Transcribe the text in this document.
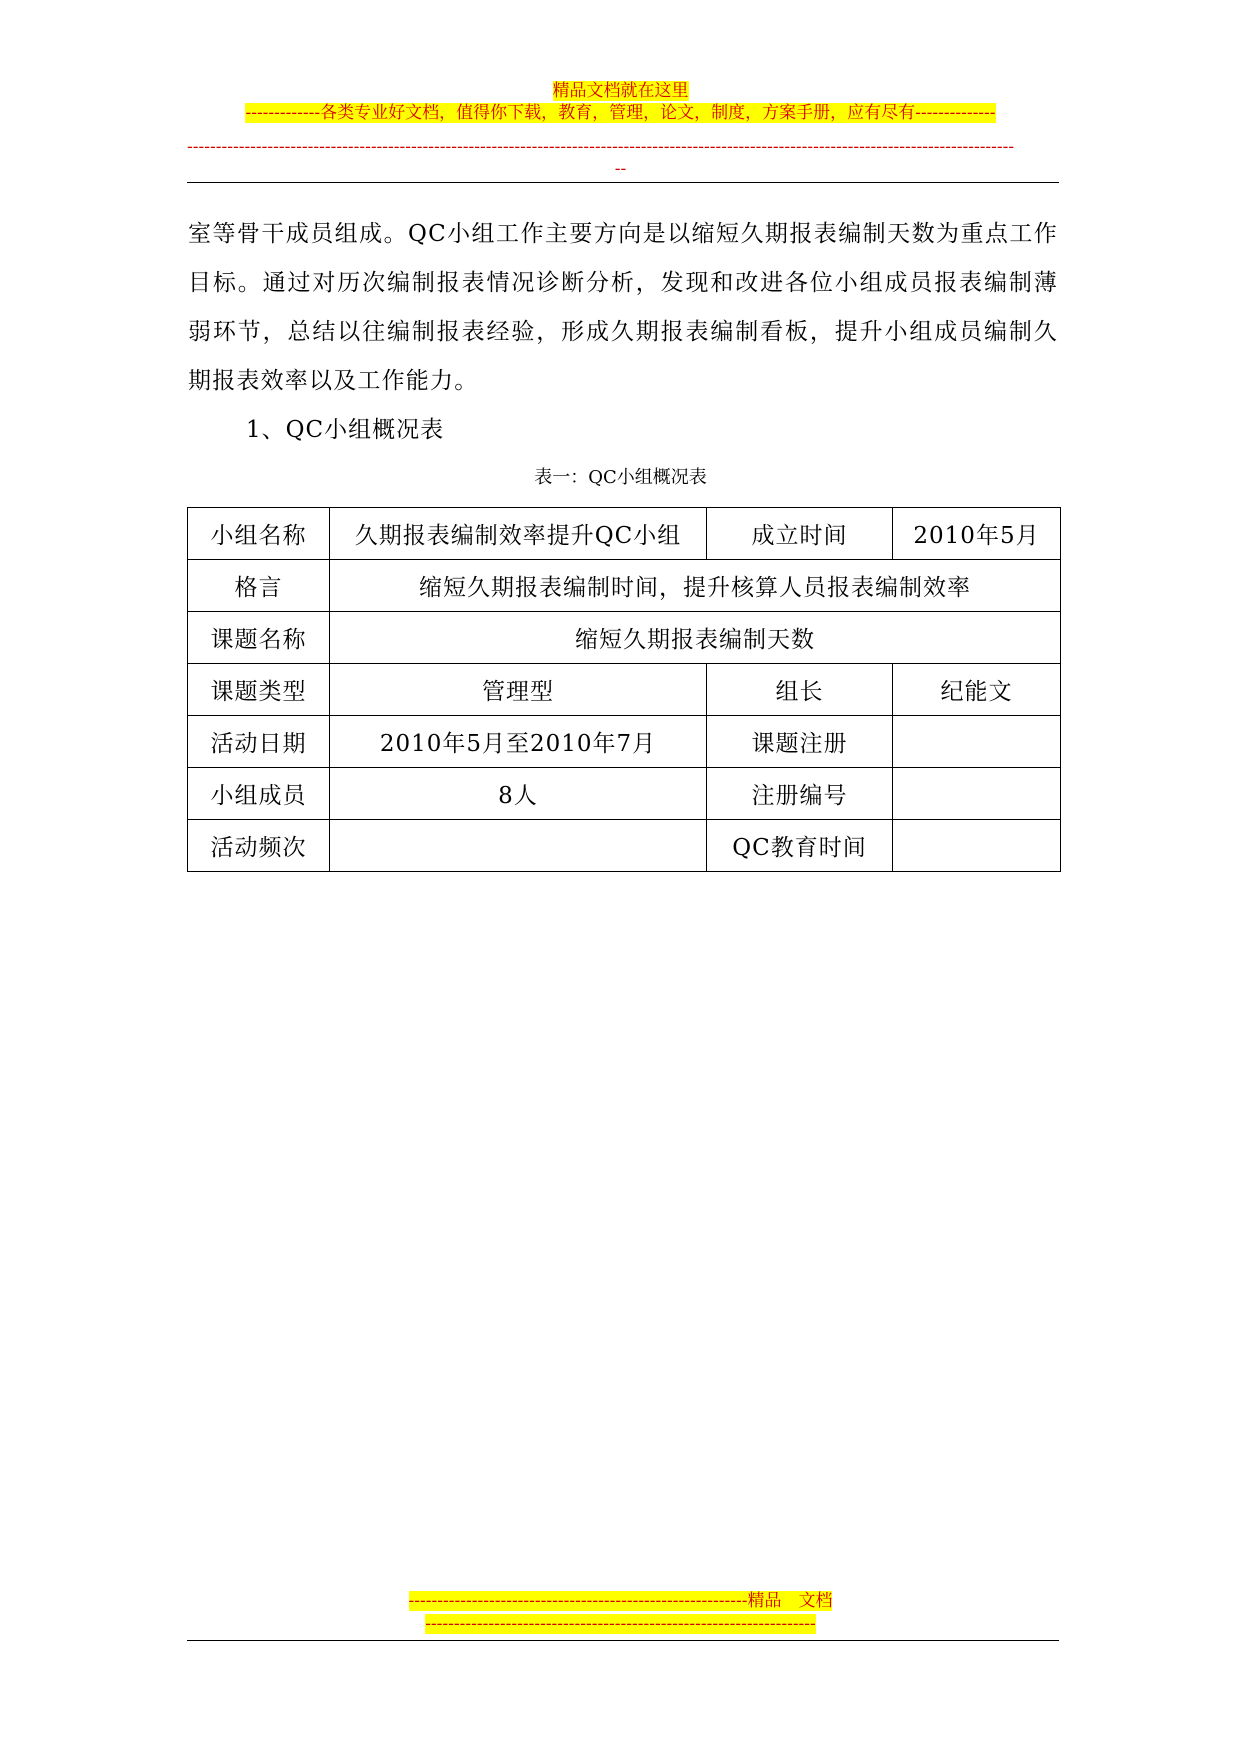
精品文档就在这里
-------------各类专业好文档，值得你下载，教育，管理，论文，制度，方案手册，应有尽有--------------
------------------------------------------------------------------------------------------------------------------------------------------------
--

室等骨干成员组成。QC小组工作主要方向是以缩短久期报表编制天数为重点工作目标。通过对历次编制报表情况诊断分析，发现和改进各位小组成员报表编制薄弱环节，总结以往编制报表经验，形成久期报表编制看板，提升小组成员编制久期报表效率以及工作能力。

1、QC小组概况表
表一：QC小组概况表
小组名称	久期报表编制效率提升QC小组	成立时间	2010年5月
格言	缩短久期报表编制时间，提升核算人员报表编制效率		
课题名称	缩短久期报表编制天数		
课题类型	管理型	组长	纪能文
活动日期	2010年5月至2010年7月	课题注册	
小组成员	8人	注册编号	
活动频次		QC教育时间	
-----------------------------------------------------------精品　文档
--------------------------------------------------------------------
